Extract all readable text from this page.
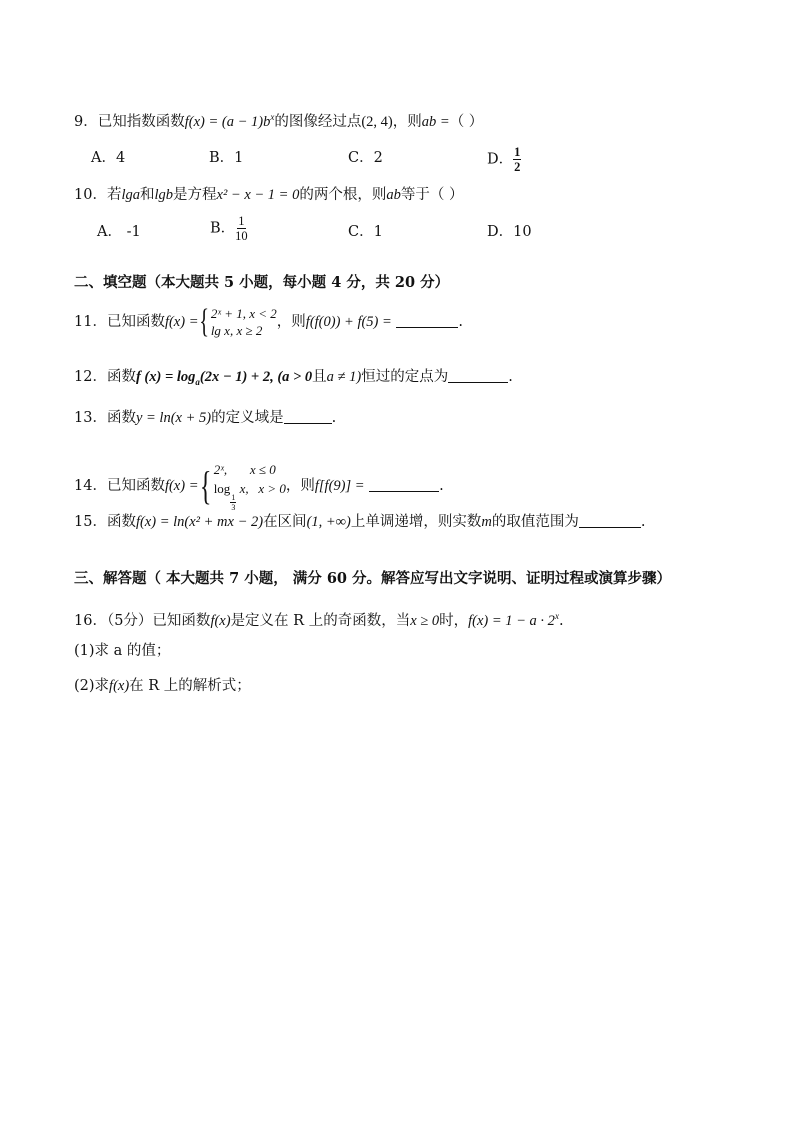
9．已知指数函数$f(x) = (a - 1)b^x$的图像经过点(2, 4)，则ab =（ ）
A．4	B．1	C．2	D． $\frac{1}{2}$
10．若lga和lgb是方程x² − x − 1 = 0的两个根，则ab等于（ ）
A． -1	B． $\frac{1}{10}$	C．1	D．10
二、填空题（本大题共 5 小题，每小题 4 分，共 20 分）
11．已知函数f(x) = { 2ˣ + 1, x < 2
lg x, x ≥ 2
，则f(f(0)) + f(5) =	.
12．函数f $(x) = \log_a(2x - 1) + 2$, (a > 0且a ≠ 1)恒过的定点为	.
13．函数y = ln(x + 5)的定义域是	.
14．已知函数f(x) = { 2ˣ, x ≤ 0
log
$\frac{1}{3}$
x, x > 0 ，则f[f(9)] =	.
15．函数f(x) = ln(x² + mx − 2)在区间(1, +∞)上单调递增，则实数m的取值范围为	.
三、解答题（ 本大题共 7 小题， 满分 60 分。解答应写出文字说明、证明过程或演算步骤）
16．（5分）已知函数f(x)是定义在 R 上的奇函数，当x ≥ 0时，$f(x) = 1 - a \cdot 2^x$.
(1)求 a 的值；
(2)求f(x)在 R 上的解析式；
